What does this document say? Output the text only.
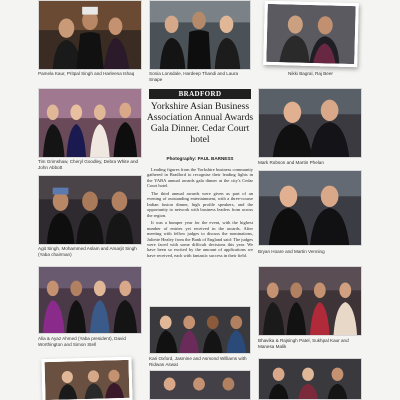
Pamela Kaur, Pritpal Singh and Harleena Ishaq	Sonia Lonsdale, Hardeep Thandi and Laura Snape
Nikki Bagral, Raj Beer
BRADFORD
Yorkshire Asian Business Association Annual Awards Gala Dinner. Cedar Court hotel
Photography: PAUL BARNESS
Tim Grimshaw, Cheryl Goodley, Debra White and John Abbott
Mark Robson and Martin Phelan
Agit Singh, Mohammed Aslam and Amarjit Singh (Yaba chairman)
Bryan Hoare and Martin Venning

Leading figures from the Yorkshire business community gathered in Bradford to recognise their leading lights in the YABA annual awards gala dinner at the city's Cedar Court hotel.

The third annual awards were given as part of an evening of outstanding entertainment, with a three-course Indian fusion dinner, high profile speakers, and the opportunity to network with business leaders from across the region.

It was a bumper year for the event, with the highest number of entries yet received in the awards. After meeting with fellow judges to discuss the nominations, Juliette Healey from the Bank of England said: The judges were faced with some difficult decisions this year. We have been so excited by the amount of applications we have received, each with fantastic success in their field.

Alia & Ayaz Ahmed (Yaba president), David Worthington and Simon Stell
Kari Oxford, Jasmine and Asmond Williams with Ridwan Aswat
Bhavika & Rajsingh Patel, Sukhpal Kaur and Manesa Malik
